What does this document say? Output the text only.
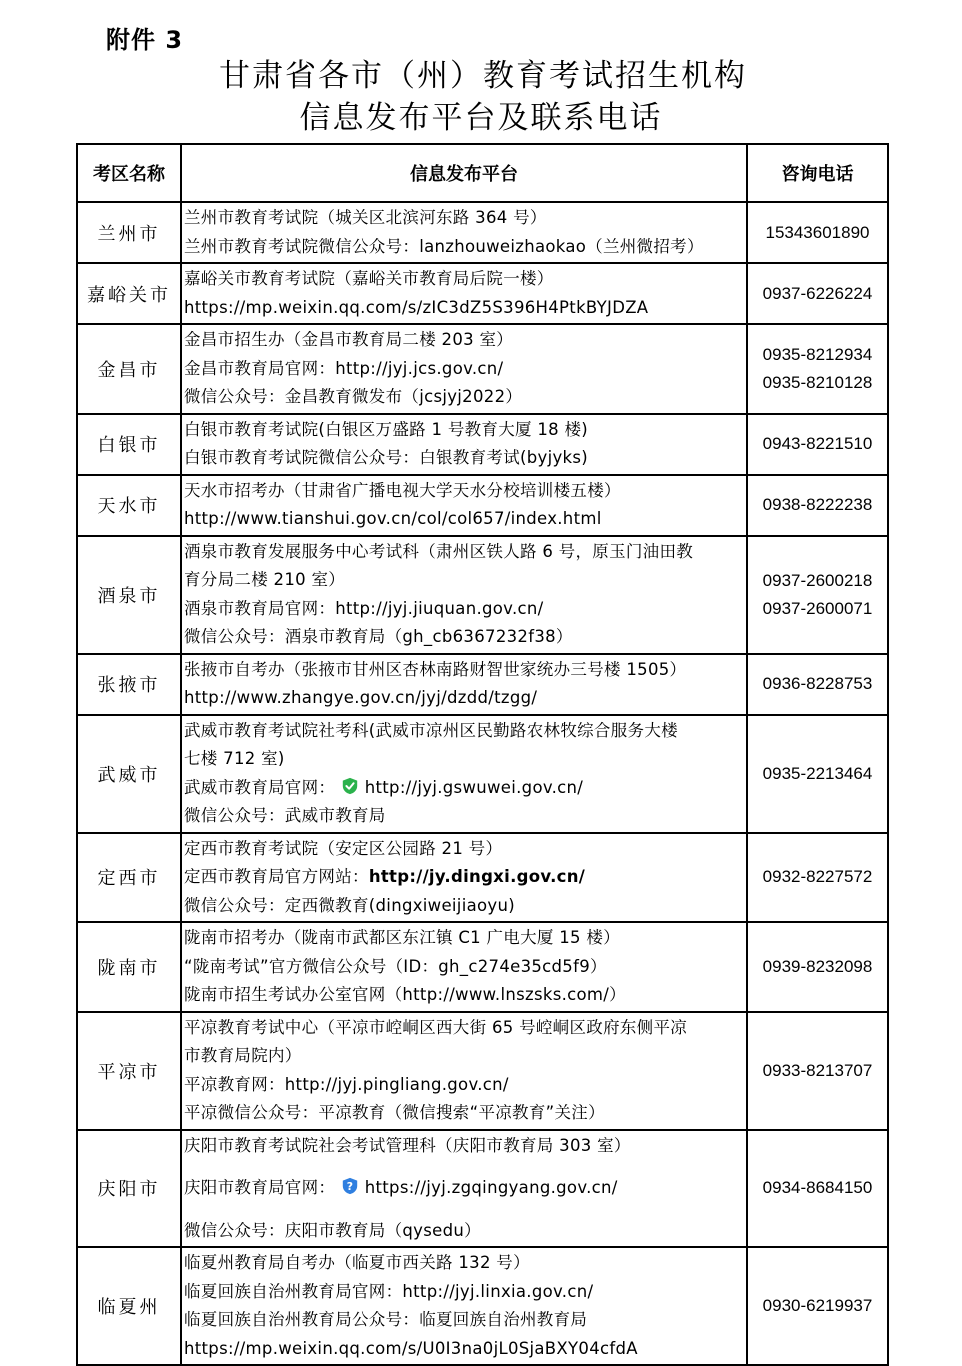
附件 3
甘肃省各市（州）教育考试招生机构
信息发布平台及联系电话
考区名称	信息发布平台	咨询电话
兰州市	兰州市教育考试院（城关区北滨河东路 364 号）
兰州市教育考试院微信公众号：lanzhouweizhaokao（兰州微招考）	15343601890

嘉峪关市	嘉峪关市教育考试院（嘉峪关市教育局后院一楼）
https://mp.weixin.qq.com/s/zIC3dZ5S396H4PtkBYJDZA	0937-6226224

金昌市	金昌市招生办（金昌市教育局二楼 203 室）
金昌市教育局官网：http://jyj.jcs.gov.cn/
微信公众号：金昌教育微发布（jcsjyj2022）	0935-8212934
0935-8210128

白银市	白银市教育考试院(白银区万盛路 1 号教育大厦 18 楼)
白银市教育考试院微信公众号：白银教育考试(byjyks)	0943-8221510

天水市	天水市招考办（甘肃省广播电视大学天水分校培训楼五楼）
http://www.tianshui.gov.cn/col/col657/index.html	0938-8222238

酒泉市	酒泉市教育发展服务中心考试科（肃州区铁人路 6 号，原玉门油田教
育分局二楼 210 室）
酒泉市教育局官网：http://jyj.jiuquan.gov.cn/
微信公众号：酒泉市教育局（gh_cb6367232f38）	0937-2600218
0937-2600071

张掖市	张掖市自考办（张掖市甘州区杏林南路财智世家统办三号楼 1505）
http://www.zhangye.gov.cn/jyj/dzdd/tzgg/	0936-8228753

武威市	武威市教育考试院社考科(武威市凉州区民勤路农林牧综合服务大楼
七楼 712 室)
武威市教育局官网： http://jyj.gswuwei.gov.cn/
微信公众号：武威市教育局	0935-2213464

定西市	定西市教育考试院（安定区公园路 21 号）
定西市教育局官方网站：http://jy.dingxi.gov.cn/
微信公众号：定西微教育(dingxiweijiaoyu)	0932-8227572

陇南市	陇南市招考办（陇南市武都区东江镇 C1 广电大厦 15 楼）
“陇南考试”官方微信公众号（ID：gh_c274e35cd5f9）
陇南市招生考试办公室官网（http://www.lnszsks.com/）	0939-8232098

平凉市	平凉教育考试中心（平凉市崆峒区西大街 65 号崆峒区政府东侧平凉
市教育局院内）
平凉教育网：http://jyj.pingliang.gov.cn/
平凉微信公众号：平凉教育（微信搜索“平凉教育”关注）	0933-8213707

庆阳市	庆阳市教育考试院社会考试管理科（庆阳市教育局 303 室）
庆阳市教育局官网： ? https://jyj.zgqingyang.gov.cn/
微信公众号：庆阳市教育局（qysedu）	0934-8684150

临夏州	临夏州教育局自考办（临夏市西关路 132 号）
临夏回族自治州教育局官网：http://jyj.linxia.gov.cn/
临夏回族自治州教育局公众号：临夏回族自治州教育局
https://mp.weixin.qq.com/s/U0I3na0jL0SjaBXY04cfdA	0930-6219937
